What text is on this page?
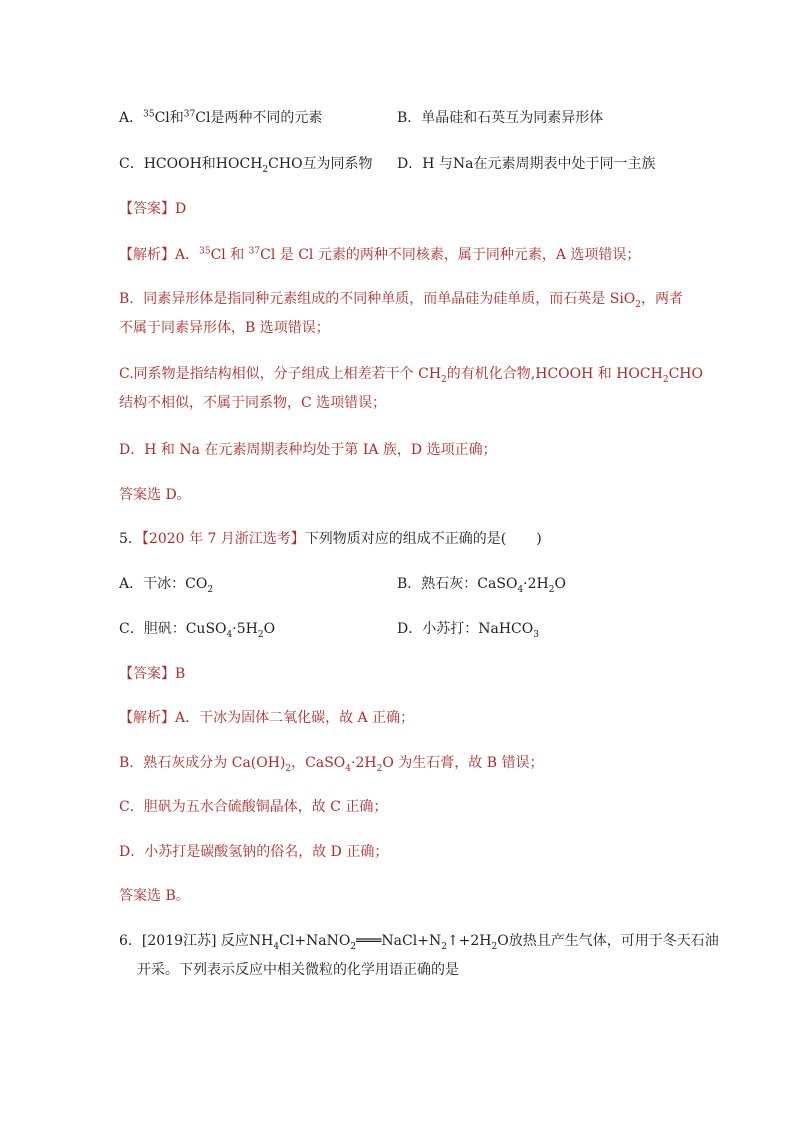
A．$^{35}$Cl和$^{37}$Cl是两种不同的元素	B．单晶硅和石英互为同素异形体
C．HCOOH和$HOCH_2CHO$互为同系物 D．H 与Na在元素周期表中处于同一主族
【答案】D
【解析】A．$^{35}$Cl 和 $^{37}$Cl 是 Cl 元素的两种不同核素，属于同种元素，A 选项错误；
B．同素异形体是指同种元素组成的不同种单质，而单晶硅为硅单质，而石英是 SiO$_2$，两者
不属于同素异形体，B 选项错误；
C.同系物是指结构相似，分子组成上相差若干个 $CH_2$的有机化合物,HCOOH 和 $HOCH_2CHO$
结构不相似，不属于同系物，C 选项错误；
D．H 和 Na 在元素周期表种均处于第 IA 族，D 选项正确；
答案选 D。
5．【2020 年 7 月浙江选考】下列物质对应的组成不正确的是( )
A．干冰：$CO_2$	B．熟石灰：$CaSO_4\cdot 2H_2O$
C．胆矾：$CuSO_4\cdot 5H_2O$	D．小苏打：NaHCO$_3$
【答案】B
【解析】A．干冰为固体二氧化碳，故 A 正确；
B．熟石灰成分为 $Ca(OH)_2$，$CaSO_4\cdot 2H_2O$ 为生石膏，故 B 错误；
C．胆矾为五水合硫酸铜晶体，故 C 正确；
D．小苏打是碳酸氢钠的俗名，故 D 正确；
答案选 B。
6．[2019江苏] 反应$NH_4Cl+NaNO_2═══NaCl+N_2↑+2H_2O$放热且产生气体，可用于冬天石油
开采。下列表示反应中相关微粒的化学用语正确的是
